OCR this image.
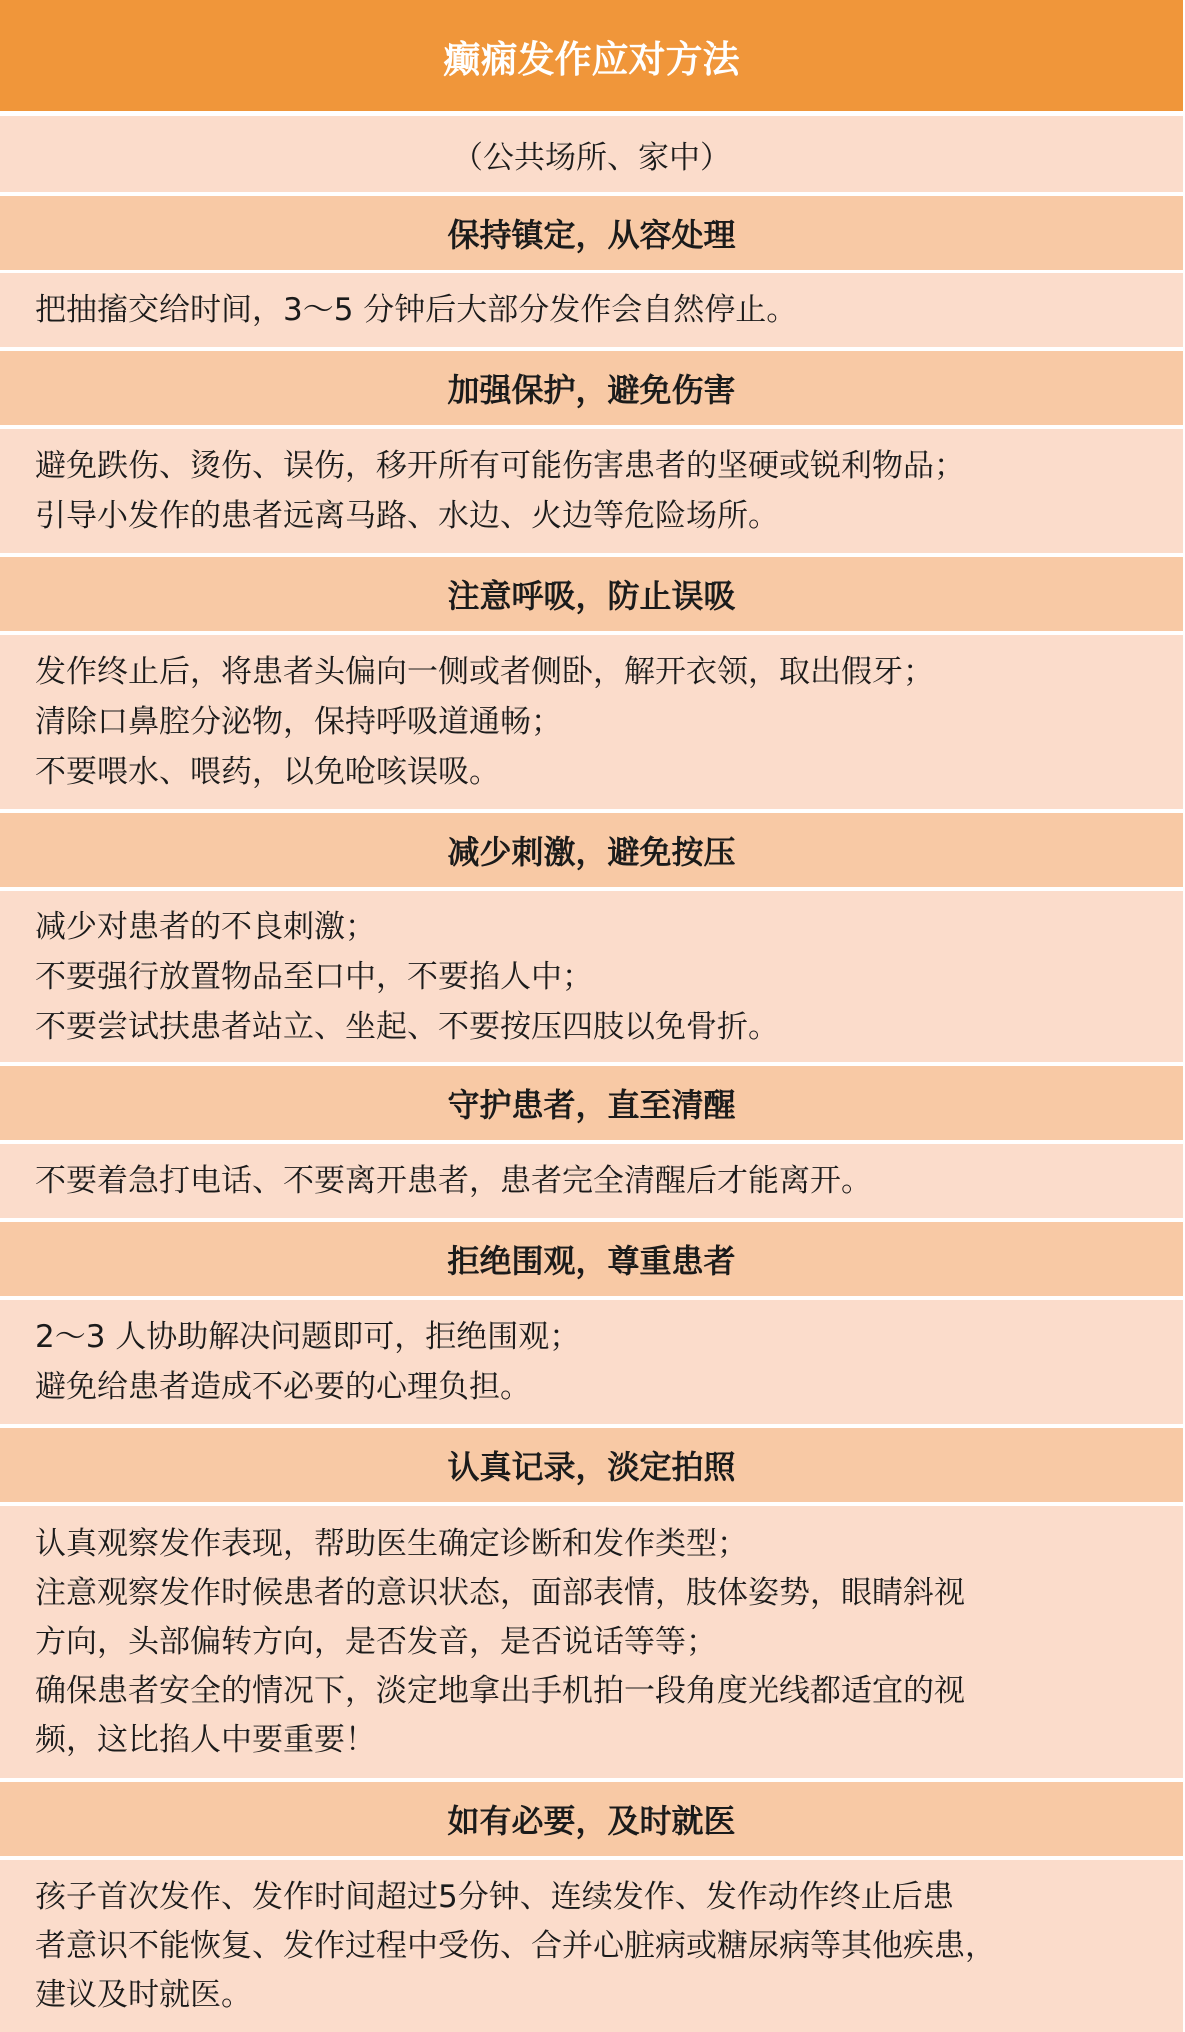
癫痫发作应对方法
（公共场所、家中）
保持镇定，从容处理
把抽搐交给时间，3～5 分钟后大部分发作会自然停止。
加强保护，避免伤害
避免跌伤、烫伤、误伤，移开所有可能伤害患者的坚硬或锐利物品；
引导小发作的患者远离马路、水边、火边等危险场所。
注意呼吸，防止误吸
发作终止后，将患者头偏向一侧或者侧卧，解开衣领，取出假牙；
清除口鼻腔分泌物，保持呼吸道通畅；
不要喂水、喂药，以免呛咳误吸。
减少刺激，避免按压
减少对患者的不良刺激；
不要强行放置物品至口中，不要掐人中；
不要尝试扶患者站立、坐起、不要按压四肢以免骨折。
守护患者，直至清醒
不要着急打电话、不要离开患者，患者完全清醒后才能离开。
拒绝围观，尊重患者
2～3 人协助解决问题即可，拒绝围观；
避免给患者造成不必要的心理负担。
认真记录，淡定拍照
认真观察发作表现，帮助医生确定诊断和发作类型；
注意观察发作时候患者的意识状态，面部表情，肢体姿势，眼睛斜视
方向，头部偏转方向，是否发音，是否说话等等；
确保患者安全的情况下，淡定地拿出手机拍一段角度光线都适宜的视
频，这比掐人中要重要！
如有必要，及时就医
孩子首次发作、发作时间超过5分钟、连续发作、发作动作终止后患
者意识不能恢复、发作过程中受伤、合并心脏病或糖尿病等其他疾患，
建议及时就医。
